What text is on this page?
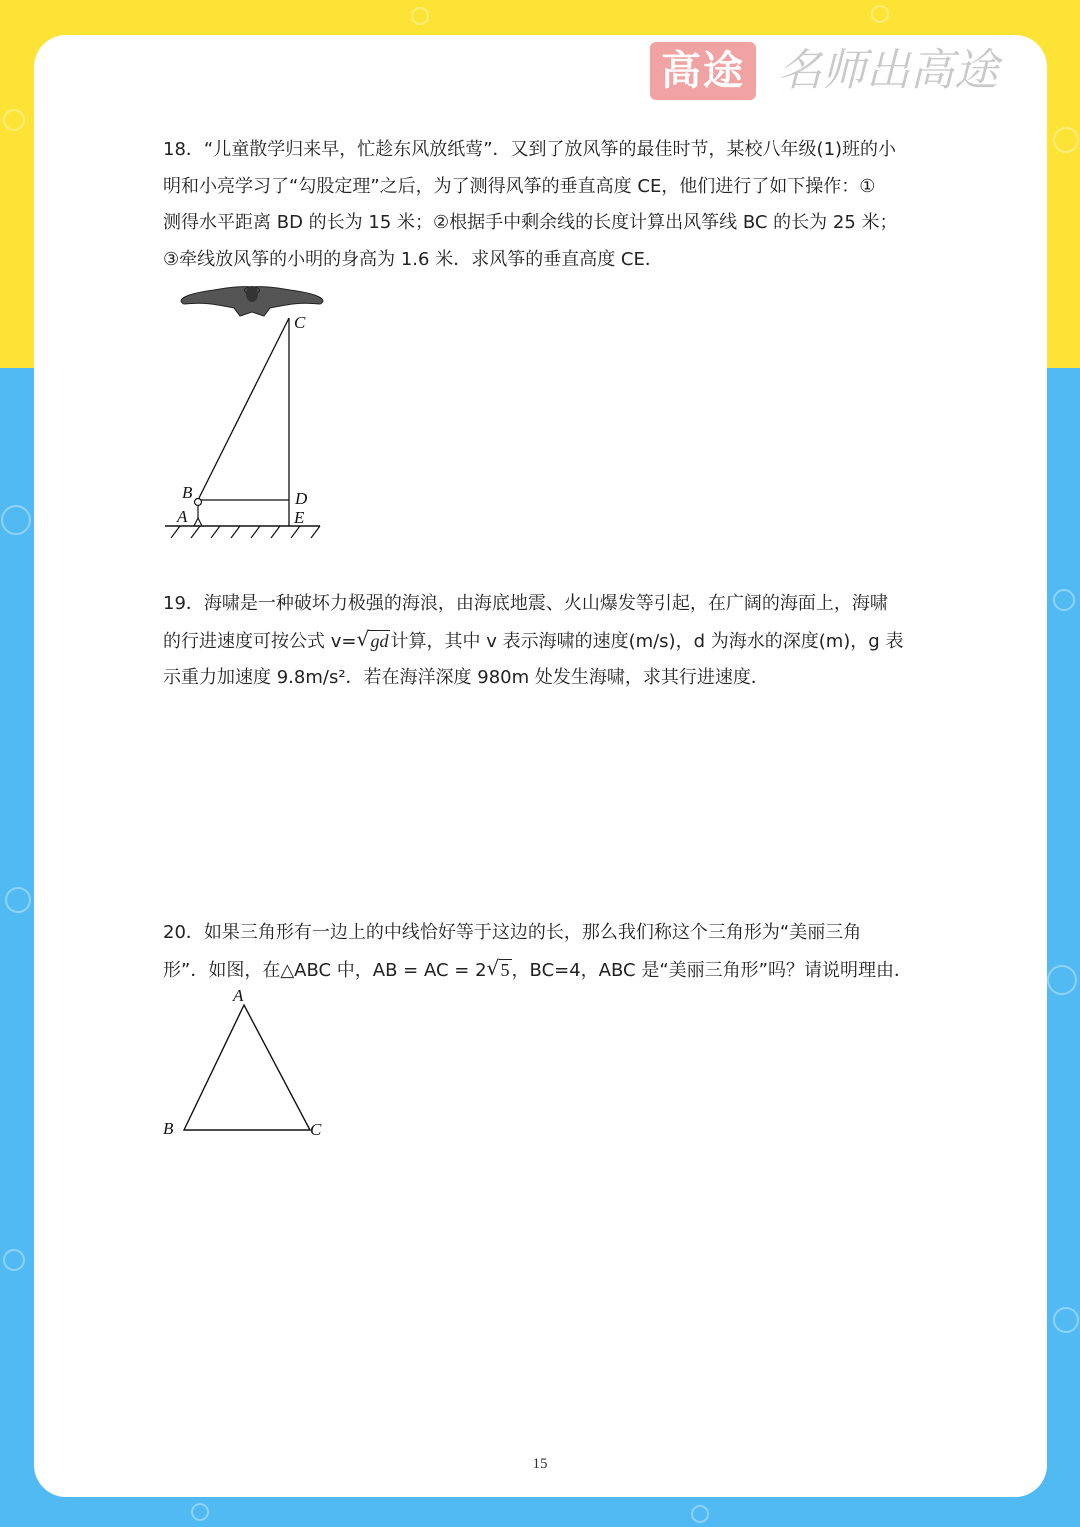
高途 名师出高途
18．“儿童散学归来早，忙趁东风放纸莺”．又到了放风筝的最佳时节，某校八年级(1)班的小
明和小亮学习了“勾股定理”之后，为了测得风筝的垂直高度 CE，他们进行了如下操作：①
测得水平距离 BD 的长为 15 米；②根据手中剩余线的长度计算出风筝线 BC 的长为 25 米；
③牵线放风筝的小明的身高为 1.6 米．求风筝的垂直高度 CE．
C
B
A
D
E
19．海啸是一种破坏力极强的海浪，由海底地震、火山爆发等引起，在广阔的海面上，海啸
的行进速度可按公式 v= √ gd 计算，其中 v 表示海啸的速度(m/s)，d 为海水的深度(m)，g 表
示重力加速度 9.8m/s²．若在海洋深度 980m 处发生海啸，求其行进速度．
20．如果三角形有一边上的中线恰好等于这边的长，那么我们称这个三角形为“美丽三角
形”．如图，在△ABC 中，AB = AC = 2 √ 5 ，BC=4，ABC 是“美丽三角形”吗？请说明理由．
A
B	C
15
